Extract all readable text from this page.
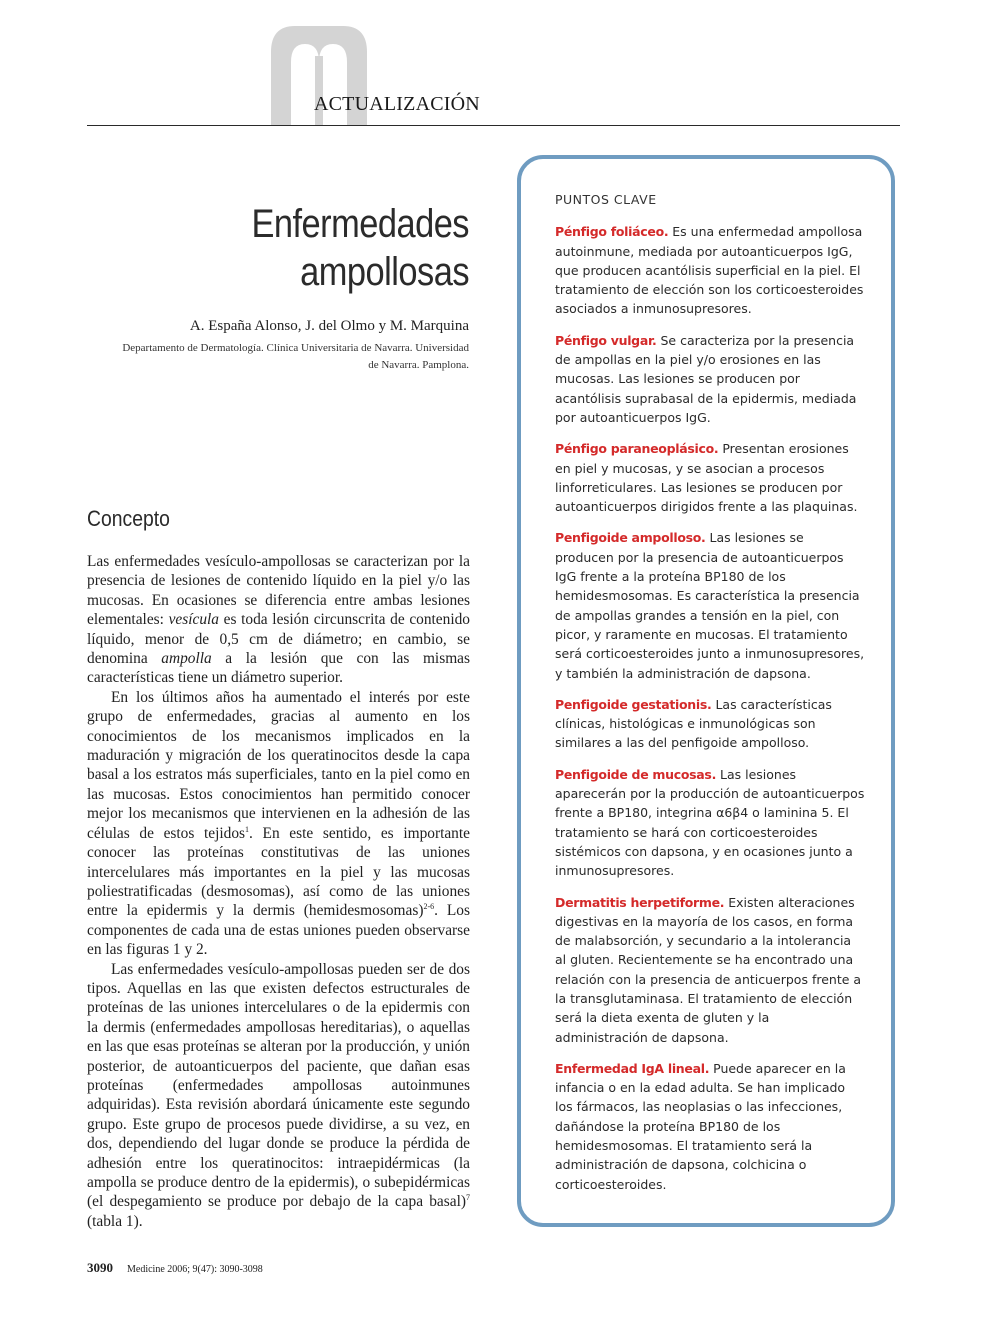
ACTUALIZACIÓN
Enfermedades
ampollosas
A. España Alonso, J. del Olmo y M. Marquina
Departamento de Dermatología. Clínica Universitaria de Navarra. Universidad
de Navarra. Pamplona.
Concepto

Las enfermedades vesículo-ampollosas se caracterizan por la presencia de lesiones de contenido líquido en la piel y/o las mucosas. En ocasiones se diferencia entre ambas lesiones elementales: vesícula es toda lesión circunscrita de contenido líquido, menor de 0,5 cm de diámetro; en cambio, se denomina ampolla a la lesión que con las mismas características tiene un diámetro superior.

En los últimos años ha aumentado el interés por este grupo de enfermedades, gracias al aumento en los conocimientos de los mecanismos implicados en la maduración y migración de los queratinocitos desde la capa basal a los estratos más superficiales, tanto en la piel como en las mucosas. Estos conocimientos han permitido conocer mejor los mecanismos que intervienen en la adhesión de las células de estos tejidos$^1$. En este sentido, es importante conocer las proteínas constitutivas de las uniones intercelulares más importantes en la piel y las mucosas poliestratificadas (desmosomas), así como de las uniones entre la epidermis y la dermis (hemidesmosomas)$^{2-6}$. Los componentes de cada una de estas uniones pueden observarse en las figuras 1 y 2.

Las enfermedades vesículo-ampollosas pueden ser de dos tipos. Aquellas en las que existen defectos estructurales de proteínas de las uniones intercelulares o de la epidermis con la dermis (enfermedades ampollosas hereditarias), o aquellas en las que esas proteínas se alteran por la producción, y unión posterior, de autoanticuerpos del paciente, que dañan esas proteínas (enfermedades ampollosas autoinmunes adquiridas). Esta revisión abordará únicamente este segundo grupo. Este grupo de procesos puede dividirse, a su vez, en dos, dependiendo del lugar donde se produce la pérdida de adhesión entre los queratinocitos: intraepidérmicas (la ampolla se produce dentro de la epidermis), o subepidérmicas (el despegamiento se produce por debajo de la capa basal)$^7$ (tabla 1).

PUNTOS CLAVE

Pénfigo foliáceo. Es una enfermedad ampollosa autoinmune, mediada por autoanticuerpos IgG, que producen acantólisis superficial en la piel. El tratamiento de elección son los corticoesteroides asociados a inmunosupresores.

Pénfigo vulgar. Se caracteriza por la presencia de ampollas en la piel y/o erosiones en las mucosas. Las lesiones se producen por acantólisis suprabasal de la epidermis, mediada por autoanticuerpos IgG.

Pénfigo paraneoplásico. Presentan erosiones en piel y mucosas, y se asocian a procesos linforreticulares. Las lesiones se producen por autoanticuerpos dirigidos frente a las plaquinas.

Penfigoide ampolloso. Las lesiones se producen por la presencia de autoanticuerpos IgG frente a la proteína BP180 de los hemidesmosomas. Es característica la presencia de ampollas grandes a tensión en la piel, con picor, y raramente en mucosas. El tratamiento será corticoesteroides junto a inmunosupresores, y también la administración de dapsona.

Penfigoide gestationis. Las características clínicas, histológicas e inmunológicas son similares a las del penfigoide ampolloso.

Penfigoide de mucosas. Las lesiones aparecerán por la producción de autoanticuerpos frente a BP180, integrina α6β4 o laminina 5. El tratamiento se hará con corticoesteroides sistémicos con dapsona, y en ocasiones junto a inmunosupresores.

Dermatitis herpetiforme. Existen alteraciones digestivas en la mayoría de los casos, en forma de malabsorción, y secundario a la intolerancia al gluten. Recientemente se ha encontrado una relación con la presencia de anticuerpos frente a la transglutaminasa. El tratamiento de elección será la dieta exenta de gluten y la administración de dapsona.

Enfermedad IgA lineal. Puede aparecer en la infancia o en la edad adulta. Se han implicado los fármacos, las neoplasias o las infecciones, dañándose la proteína BP180 de los hemidesmosomas. El tratamiento será la administración de dapsona, colchicina o corticoesteroides.

3090 Medicine 2006; 9(47): 3090-3098
